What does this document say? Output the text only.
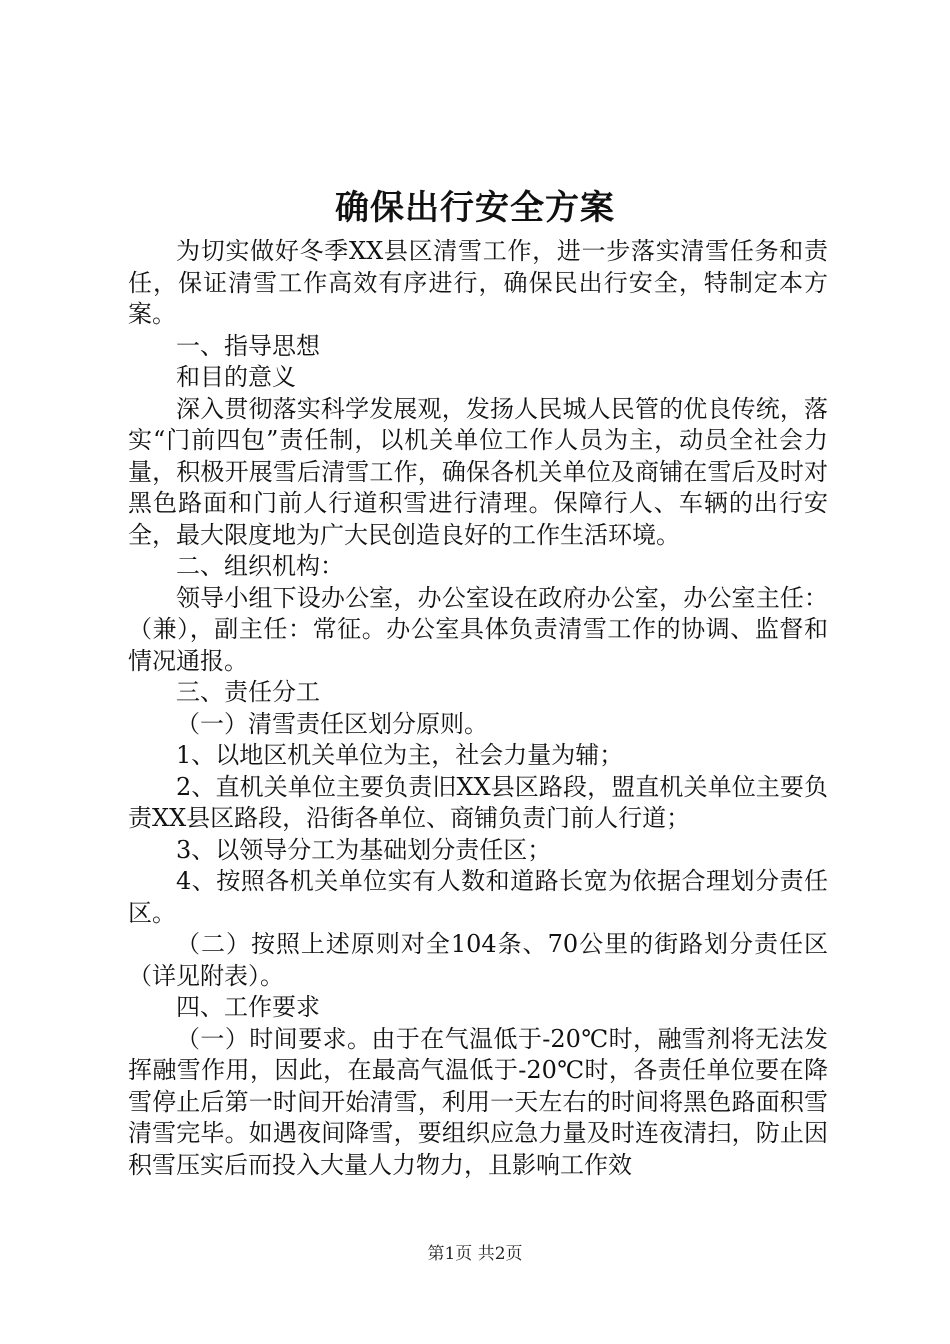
确保出行安全方案

为切实做好冬季XX县区清雪工作，进一步落实清雪任务和责任，保证清雪工作高效有序进行，确保民出行安全，特制定本方案。

一、指导思想

和目的意义

深入贯彻落实科学发展观，发扬人民城人民管的优良传统，落实“门前四包”责任制，以机关单位工作人员为主，动员全社会力量，积极开展雪后清雪工作，确保各机关单位及商铺在雪后及时对黑色路面和门前人行道积雪进行清理。保障行人、车辆的出行安全，最大限度地为广大民创造良好的工作生活环境。

二、组织机构：

领导小组下设办公室，办公室设在政府办公室，办公室主任：（兼），副主任：常征。办公室具体负责清雪工作的协调、监督和情况通报。

三、责任分工

（一）清雪责任区划分原则。

1、以地区机关单位为主，社会力量为辅；

2、直机关单位主要负责旧XX县区路段，盟直机关单位主要负责XX县区路段，沿街各单位、商铺负责门前人行道；

3、以领导分工为基础划分责任区；

4、按照各机关单位实有人数和道路长宽为依据合理划分责任区。

（二）按照上述原则对全104条、70公里的街路划分责任区（详见附表）。

四、工作要求

（一）时间要求。由于在气温低于-20℃时，融雪剂将无法发挥融雪作用，因此，在最高气温低于-20℃时，各责任单位要在降雪停止后第一时间开始清雪，利用一天左右的时间将黑色路面积雪清雪完毕。如遇夜间降雪，要组织应急力量及时连夜清扫，防止因积雪压实后而投入大量人力物力，且影响工作效

第1页 共2页
